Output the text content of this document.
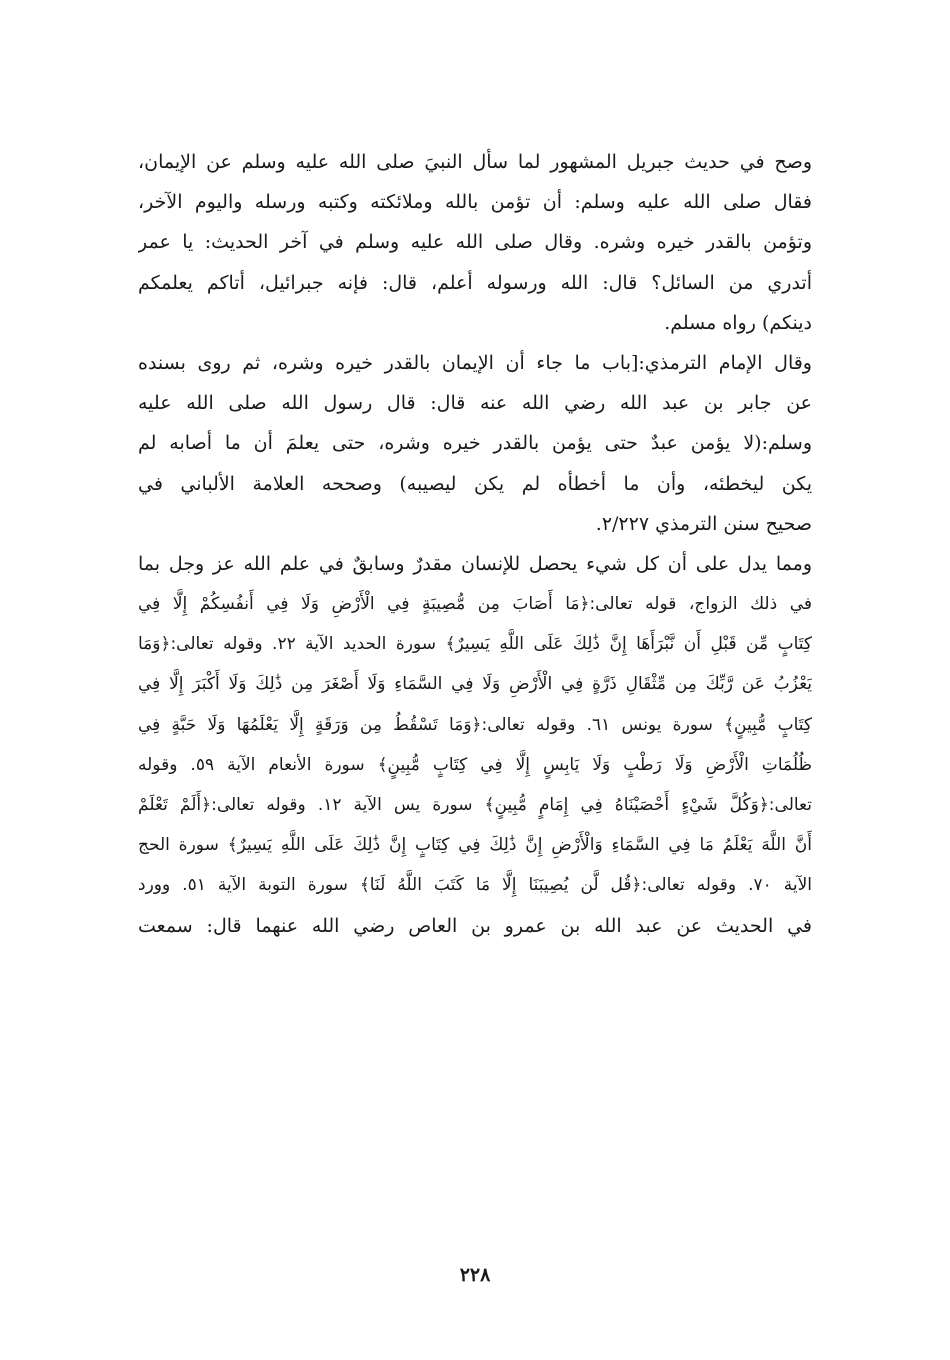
وصح في حديث جبريل المشهور لما سأل النبيَ صلى الله عليه وسلم عن الإيمان،
فقال صلى الله عليه وسلم: أن تؤمن بالله وملائكته وكتبه ورسله واليوم الآخر،
وتؤمن بالقدر خيره وشره. وقال صلى الله عليه وسلم في آخر الحديث: يا عمر
أتدري من السائل؟ قال: الله ورسوله أعلم، قال: فإنه جبرائيل، أتاكم يعلمكم
دينكم) رواه مسلم.
وقال الإمام الترمذي:[باب ما جاء أن الإيمان بالقدر خيره وشره، ثم روى بسنده
عن جابر بن عبد الله رضي الله عنه قال: قال رسول الله صلى الله عليه
وسلم:(لا يؤمن عبدٌ حتى يؤمن بالقدر خيره وشره، حتى يعلمَ أن ما أصابه لم
يكن ليخطئه، وأن ما أخطأه لم يكن ليصيبه) وصححه العلامة الألباني في
صحيح سنن الترمذي ٢/٢٢٧.
ومما يدل على أن كل شيء يحصل للإنسان مقدرٌ وسابقٌ في علم الله عز وجل بما
في ذلك الزواج، قوله تعالى:﴿مَا أَصَابَ مِن مُّصِيبَةٍ فِي الْأَرْضِ وَلَا فِي أَنفُسِكُمْ إِلَّا فِي
كِتَابٍ مِّن قَبْلِ أَن نَّبْرَأَهَا إِنَّ ذَٰلِكَ عَلَى اللَّهِ يَسِيرٌ﴾ سورة الحديد الآية ٢٢. وقوله تعالى:﴿وَمَا
يَعْزُبُ عَن رَّبِّكَ مِن مِّثْقَالِ ذَرَّةٍ فِي الْأَرْضِ وَلَا فِي السَّمَاءِ وَلَا أَصْغَرَ مِن ذَٰلِكَ وَلَا أَكْبَرَ إِلَّا فِي
كِتَابٍ مُّبِينٍ﴾ سورة يونس ٦١. وقوله تعالى:﴿وَمَا تَسْقُطُ مِن وَرَقَةٍ إِلَّا يَعْلَمُهَا وَلَا حَبَّةٍ فِي
ظُلُمَاتِ الْأَرْضِ وَلَا رَطْبٍ وَلَا يَابِسٍ إِلَّا فِي كِتَابٍ مُّبِينٍ﴾ سورة الأنعام الآية ٥٩. وقوله
تعالى:﴿وَكُلَّ شَيْءٍ أَحْصَيْنَاهُ فِي إِمَامٍ مُّبِينٍ﴾ سورة يس الآية ١٢. وقوله تعالى:﴿أَلَمْ تَعْلَمْ
أَنَّ اللَّهَ يَعْلَمُ مَا فِي السَّمَاءِ وَالْأَرْضِ إِنَّ ذَٰلِكَ فِي كِتَابٍ إِنَّ ذَٰلِكَ عَلَى اللَّهِ يَسِيرٌ﴾ سورة الحج
الآية ٧٠. وقوله تعالى:﴿قُل لَّن يُصِيبَنَا إِلَّا مَا كَتَبَ اللَّهُ لَنَا﴾ سورة التوبة الآية ٥١. وورد
في الحديث عن عبد الله بن عمرو بن العاص رضي الله عنهما قال: سمعت
٢٢٨
